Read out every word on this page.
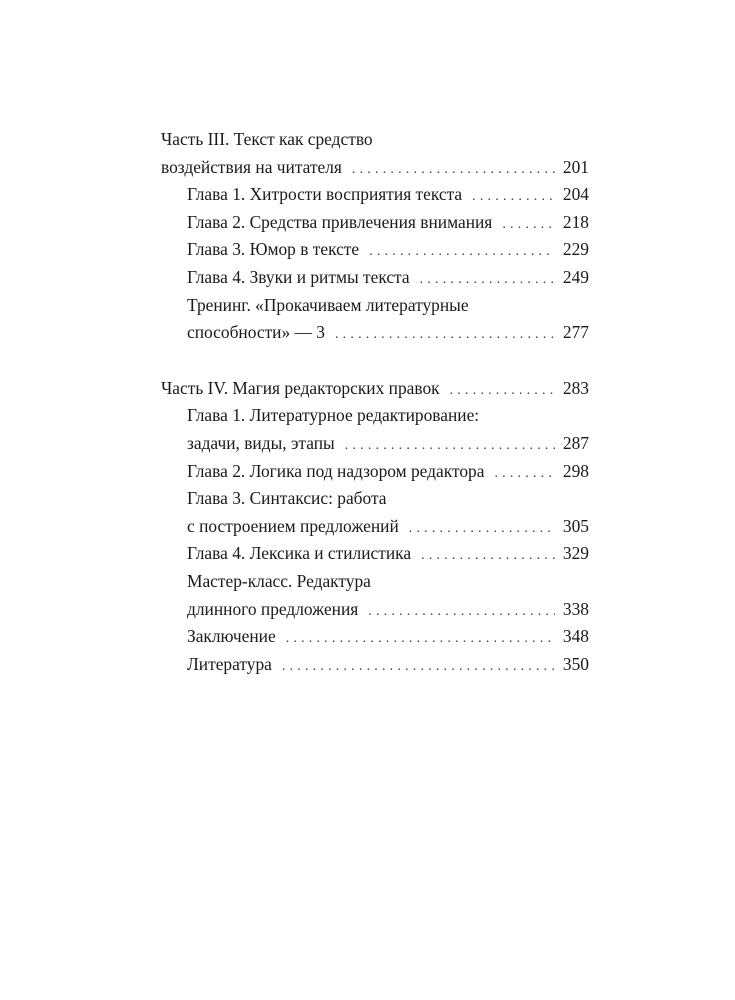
Часть III. Текст как средство
воздействия на читателя . . .	201
Глава 1. Хитрости восприятия текста . . .	204
Глава 2. Средства привлечения внимания . . .	218
Глава 3. Юмор в тексте . . .	229
Глава 4. Звуки и ритмы текста . . .	249
Тренинг. «Прокачиваем литературные
способности» — 3 . . .	277
Часть IV. Магия редакторских правок . . .	283
Глава 1. Литературное редактирование:
задачи, виды, этапы . . .	287
Глава 2. Логика под надзором редактора . . .	298
Глава 3. Синтаксис: работа
с построением предложений . . .	305
Глава 4. Лексика и стилистика . . .	329
Мастер-класс. Редактура
длинного предложения . . .	338
Заключение . . .	348
Литература . . .	350
